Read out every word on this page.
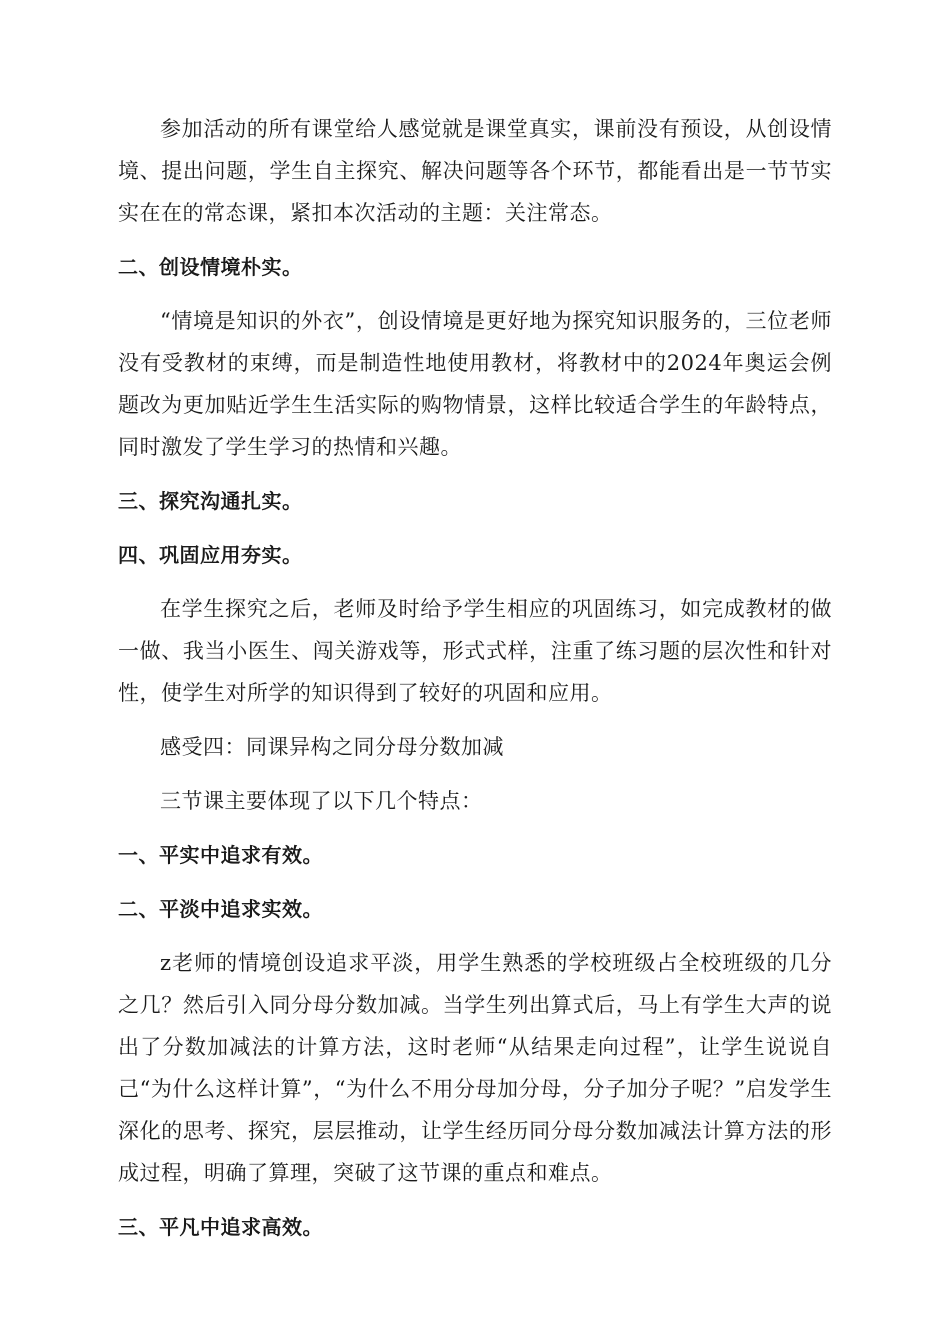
参加活动的所有课堂给人感觉就是课堂真实，课前没有预设，从创设情境、提出问题，学生自主探究、解决问题等各个环节，都能看出是一节节实实在在的常态课，紧扣本次活动的主题：关注常态。

二、创设情境朴实。

“情境是知识的外衣”，创设情境是更好地为探究知识服务的，三位老师没有受教材的束缚，而是制造性地使用教材，将教材中的2024年奥运会例题改为更加贴近学生生活实际的购物情景，这样比较适合学生的年龄特点，同时激发了学生学习的热情和兴趣。

三、探究沟通扎实。

四、巩固应用夯实。

在学生探究之后，老师及时给予学生相应的巩固练习，如完成教材的做一做、我当小医生、闯关游戏等，形式式样，注重了练习题的层次性和针对性，使学生对所学的知识得到了较好的巩固和应用。

感受四：同课异构之同分母分数加减

三节课主要体现了以下几个特点：

一、平实中追求有效。

二、平淡中追求实效。

z老师的情境创设追求平淡，用学生熟悉的学校班级占全校班级的几分之几？然后引入同分母分数加减。当学生列出算式后，马上有学生大声的说出了分数加减法的计算方法，这时老师“从结果走向过程”，让学生说说自己“为什么这样计算”，“为什么不用分母加分母，分子加分子呢？”启发学生深化的思考、探究，层层推动，让学生经历同分母分数加减法计算方法的形成过程，明确了算理，突破了这节课的重点和难点。

三、平凡中追求高效。
